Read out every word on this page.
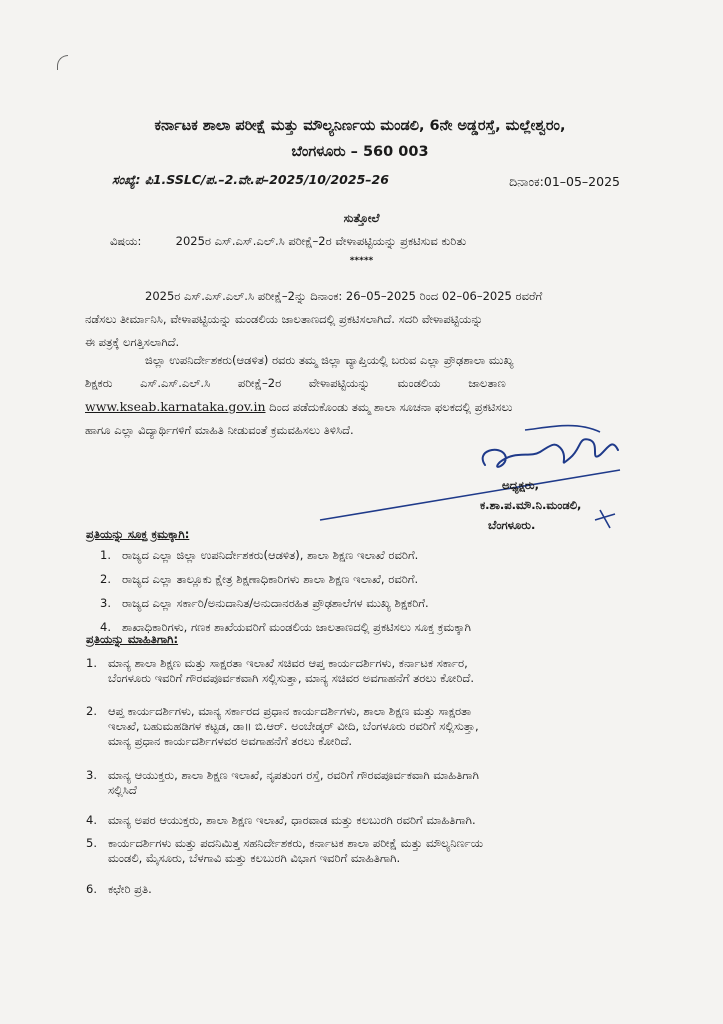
ಕರ್ನಾಟಕ ಶಾಲಾ ಪರೀಕ್ಷೆ ಮತ್ತು ಮೌಲ್ಯನಿರ್ಣಯ ಮಂಡಲಿ, 6ನೇ ಅಡ್ಡರಸ್ತೆ, ಮಲ್ಲೇಶ್ವರಂ,
ಬೆಂಗಳೂರು – 560 003
ಸಂಖ್ಯೆ: ಪಿ1.SSLC/ಪ.–2.ವೇ.ಪ–2025/10/2025–26	ದಿನಾಂಕ:01–05–2025
ಸುತ್ತೋಲೆ
ವಿಷಯ:	2025ರ ಎಸ್.ಎಸ್.ಎಲ್.ಸಿ ಪರೀಕ್ಷೆ–2ರ ವೇಳಾಪಟ್ಟಿಯನ್ನು ಪ್ರಕಟಿಸುವ ಕುರಿತು
*****
2025ರ ಎಸ್.ಎಸ್.ಎಲ್.ಸಿ ಪರೀಕ್ಷೆ–2ನ್ನು ದಿನಾಂಕ: 26–05–2025 ರಿಂದ 02–06–2025 ರವರೆಗೆ
ನಡೆಸಲು ತೀರ್ಮಾನಿಸಿ, ವೇಳಾಪಟ್ಟಿಯನ್ನು ಮಂಡಲಿಯ ಜಾಲತಾಣದಲ್ಲಿ ಪ್ರಕಟಿಸಲಾಗಿದೆ. ಸದರಿ ವೇಳಾಪಟ್ಟಿಯನ್ನು
ಈ ಪತ್ರಕ್ಕೆ ಲಗತ್ತಿಸಲಾಗಿದೆ.
ಜಿಲ್ಲಾ ಉಪನಿರ್ದೇಶಕರು(ಆಡಳಿತ) ರವರು ತಮ್ಮ ಜಿಲ್ಲಾ ವ್ಯಾಪ್ತಿಯಲ್ಲಿ ಬರುವ ಎಲ್ಲಾ ಪ್ರೌಢಶಾಲಾ ಮುಖ್ಯ
ಶಿಕ್ಷಕರು ಎಸ್.ಎಸ್.ಎಲ್.ಸಿ ಪರೀಕ್ಷೆ–2ರ ವೇಳಾಪಟ್ಟಿಯನ್ನು ಮಂಡಲಿಯ ಜಾಲತಾಣ
www.kseab.karnataka.gov.in ದಿಂದ ಪಡೆದುಕೊಂಡು ತಮ್ಮ ಶಾಲಾ ಸೂಚನಾ ಫಲಕದಲ್ಲಿ ಪ್ರಕಟಿಸಲು
ಹಾಗೂ ಎಲ್ಲಾ ವಿದ್ಯಾರ್ಥಿಗಳಿಗೆ ಮಾಹಿತಿ ನೀಡುವಂತೆ ಕ್ರಮವಹಿಸಲು ತಿಳಿಸಿದೆ.
ಅಧ್ಯಕ್ಷರು,
ಕ.ಶಾ.ಪ.ಮೌ.ನಿ.ಮಂಡಲಿ,
ಬೆಂಗಳೂರು.
ಪ್ರತಿಯನ್ನು ಸೂಕ್ತ ಕ್ರಮಕ್ಕಾಗಿ:
1. ರಾಜ್ಯದ ಎಲ್ಲಾ ಜಿಲ್ಲಾ ಉಪನಿರ್ದೇಶಕರು(ಆಡಳಿತ), ಶಾಲಾ ಶಿಕ್ಷಣ ಇಲಾಖೆ ರವರಿಗೆ.
2. ರಾಜ್ಯದ ಎಲ್ಲಾ ತಾಲ್ಲೂಕು ಕ್ಷೇತ್ರ ಶಿಕ್ಷಣಾಧಿಕಾರಿಗಳು ಶಾಲಾ ಶಿಕ್ಷಣ ಇಲಾಖೆ, ರವರಿಗೆ.
3. ರಾಜ್ಯದ ಎಲ್ಲಾ ಸರ್ಕಾರಿ/ಅನುದಾನಿತ/ಅನುದಾನರಹಿತ ಪ್ರೌಢಶಾಲೆಗಳ ಮುಖ್ಯ ಶಿಕ್ಷಕರಿಗೆ.
4. ಶಾಖಾಧಿಕಾರಿಗಳು, ಗಣಕ ಶಾಖೆಯವರಿಗೆ ಮಂಡಲಿಯ ಜಾಲತಾಣದಲ್ಲಿ ಪ್ರಕಟಿಸಲು ಸೂಕ್ತ ಕ್ರಮಕ್ಕಾಗಿ
ಪ್ರತಿಯನ್ನು ಮಾಹಿತಿಗಾಗಿ:
1. ಮಾನ್ಯ ಶಾಲಾ ಶಿಕ್ಷಣ ಮತ್ತು ಸಾಕ್ಷರತಾ ಇಲಾಖೆ ಸಚಿವರ ಆಪ್ತ ಕಾರ್ಯದರ್ಶಿಗಳು, ಕರ್ನಾಟಕ ಸರ್ಕಾರ,
ಬೆಂಗಳೂರು ಇವರಿಗೆ ಗೌರವಪೂರ್ವಕವಾಗಿ ಸಲ್ಲಿಸುತ್ತಾ, ಮಾನ್ಯ ಸಚಿವರ ಅವಗಾಹನೆಗೆ ತರಲು ಕೋರಿದೆ.
2. ಆಪ್ತ ಕಾರ್ಯದರ್ಶಿಗಳು, ಮಾನ್ಯ ಸರ್ಕಾರದ ಪ್ರಧಾನ ಕಾರ್ಯದರ್ಶಿಗಳು, ಶಾಲಾ ಶಿಕ್ಷಣ ಮತ್ತು ಸಾಕ್ಷರತಾ
ಇಲಾಖೆ, ಬಹುಮಹಡಿಗಳ ಕಟ್ಟಡ, ಡಾ॥ ಬಿ.ಆರ್. ಅಂಬೇಡ್ಕರ್ ವೀದಿ, ಬೆಂಗಳೂರು ರವರಿಗೆ ಸಲ್ಲಿಸುತ್ತಾ,
ಮಾನ್ಯ ಪ್ರಧಾನ ಕಾರ್ಯದರ್ಶಿಗಳವರ ಅವಗಾಹನೆಗೆ ತರಲು ಕೋರಿದೆ.
3. ಮಾನ್ಯ ಆಯುಕ್ತರು, ಶಾಲಾ ಶಿಕ್ಷಣ ಇಲಾಖೆ, ನೃಪತುಂಗ ರಸ್ತೆ, ರವರಿಗೆ ಗೌರವಪೂರ್ವಕವಾಗಿ ಮಾಹಿತಿಗಾಗಿ
ಸಲ್ಲಿಸಿದೆ
4. ಮಾನ್ಯ ಅಪರ ಆಯುಕ್ತರು, ಶಾಲಾ ಶಿಕ್ಷಣ ಇಲಾಖೆ, ಧಾರವಾಡ ಮತ್ತು ಕಲಬುರಗಿ ರವರಿಗೆ ಮಾಹಿತಿಗಾಗಿ.
5. ಕಾರ್ಯದರ್ಶಿಗಳು ಮತ್ತು ಪದನಿಮಿತ್ತ ಸಹನಿರ್ದೇಶಕರು, ಕರ್ನಾಟಕ ಶಾಲಾ ಪರೀಕ್ಷೆ ಮತ್ತು ಮೌಲ್ಯನಿರ್ಣಯ
ಮಂಡಲಿ, ಮೈಸೂರು, ಬೆಳಗಾವಿ ಮತ್ತು ಕಲಬುರಗಿ ವಿಭಾಗ ಇವರಿಗೆ ಮಾಹಿತಿಗಾಗಿ.
6. ಕಛೇರಿ ಪ್ರತಿ.
